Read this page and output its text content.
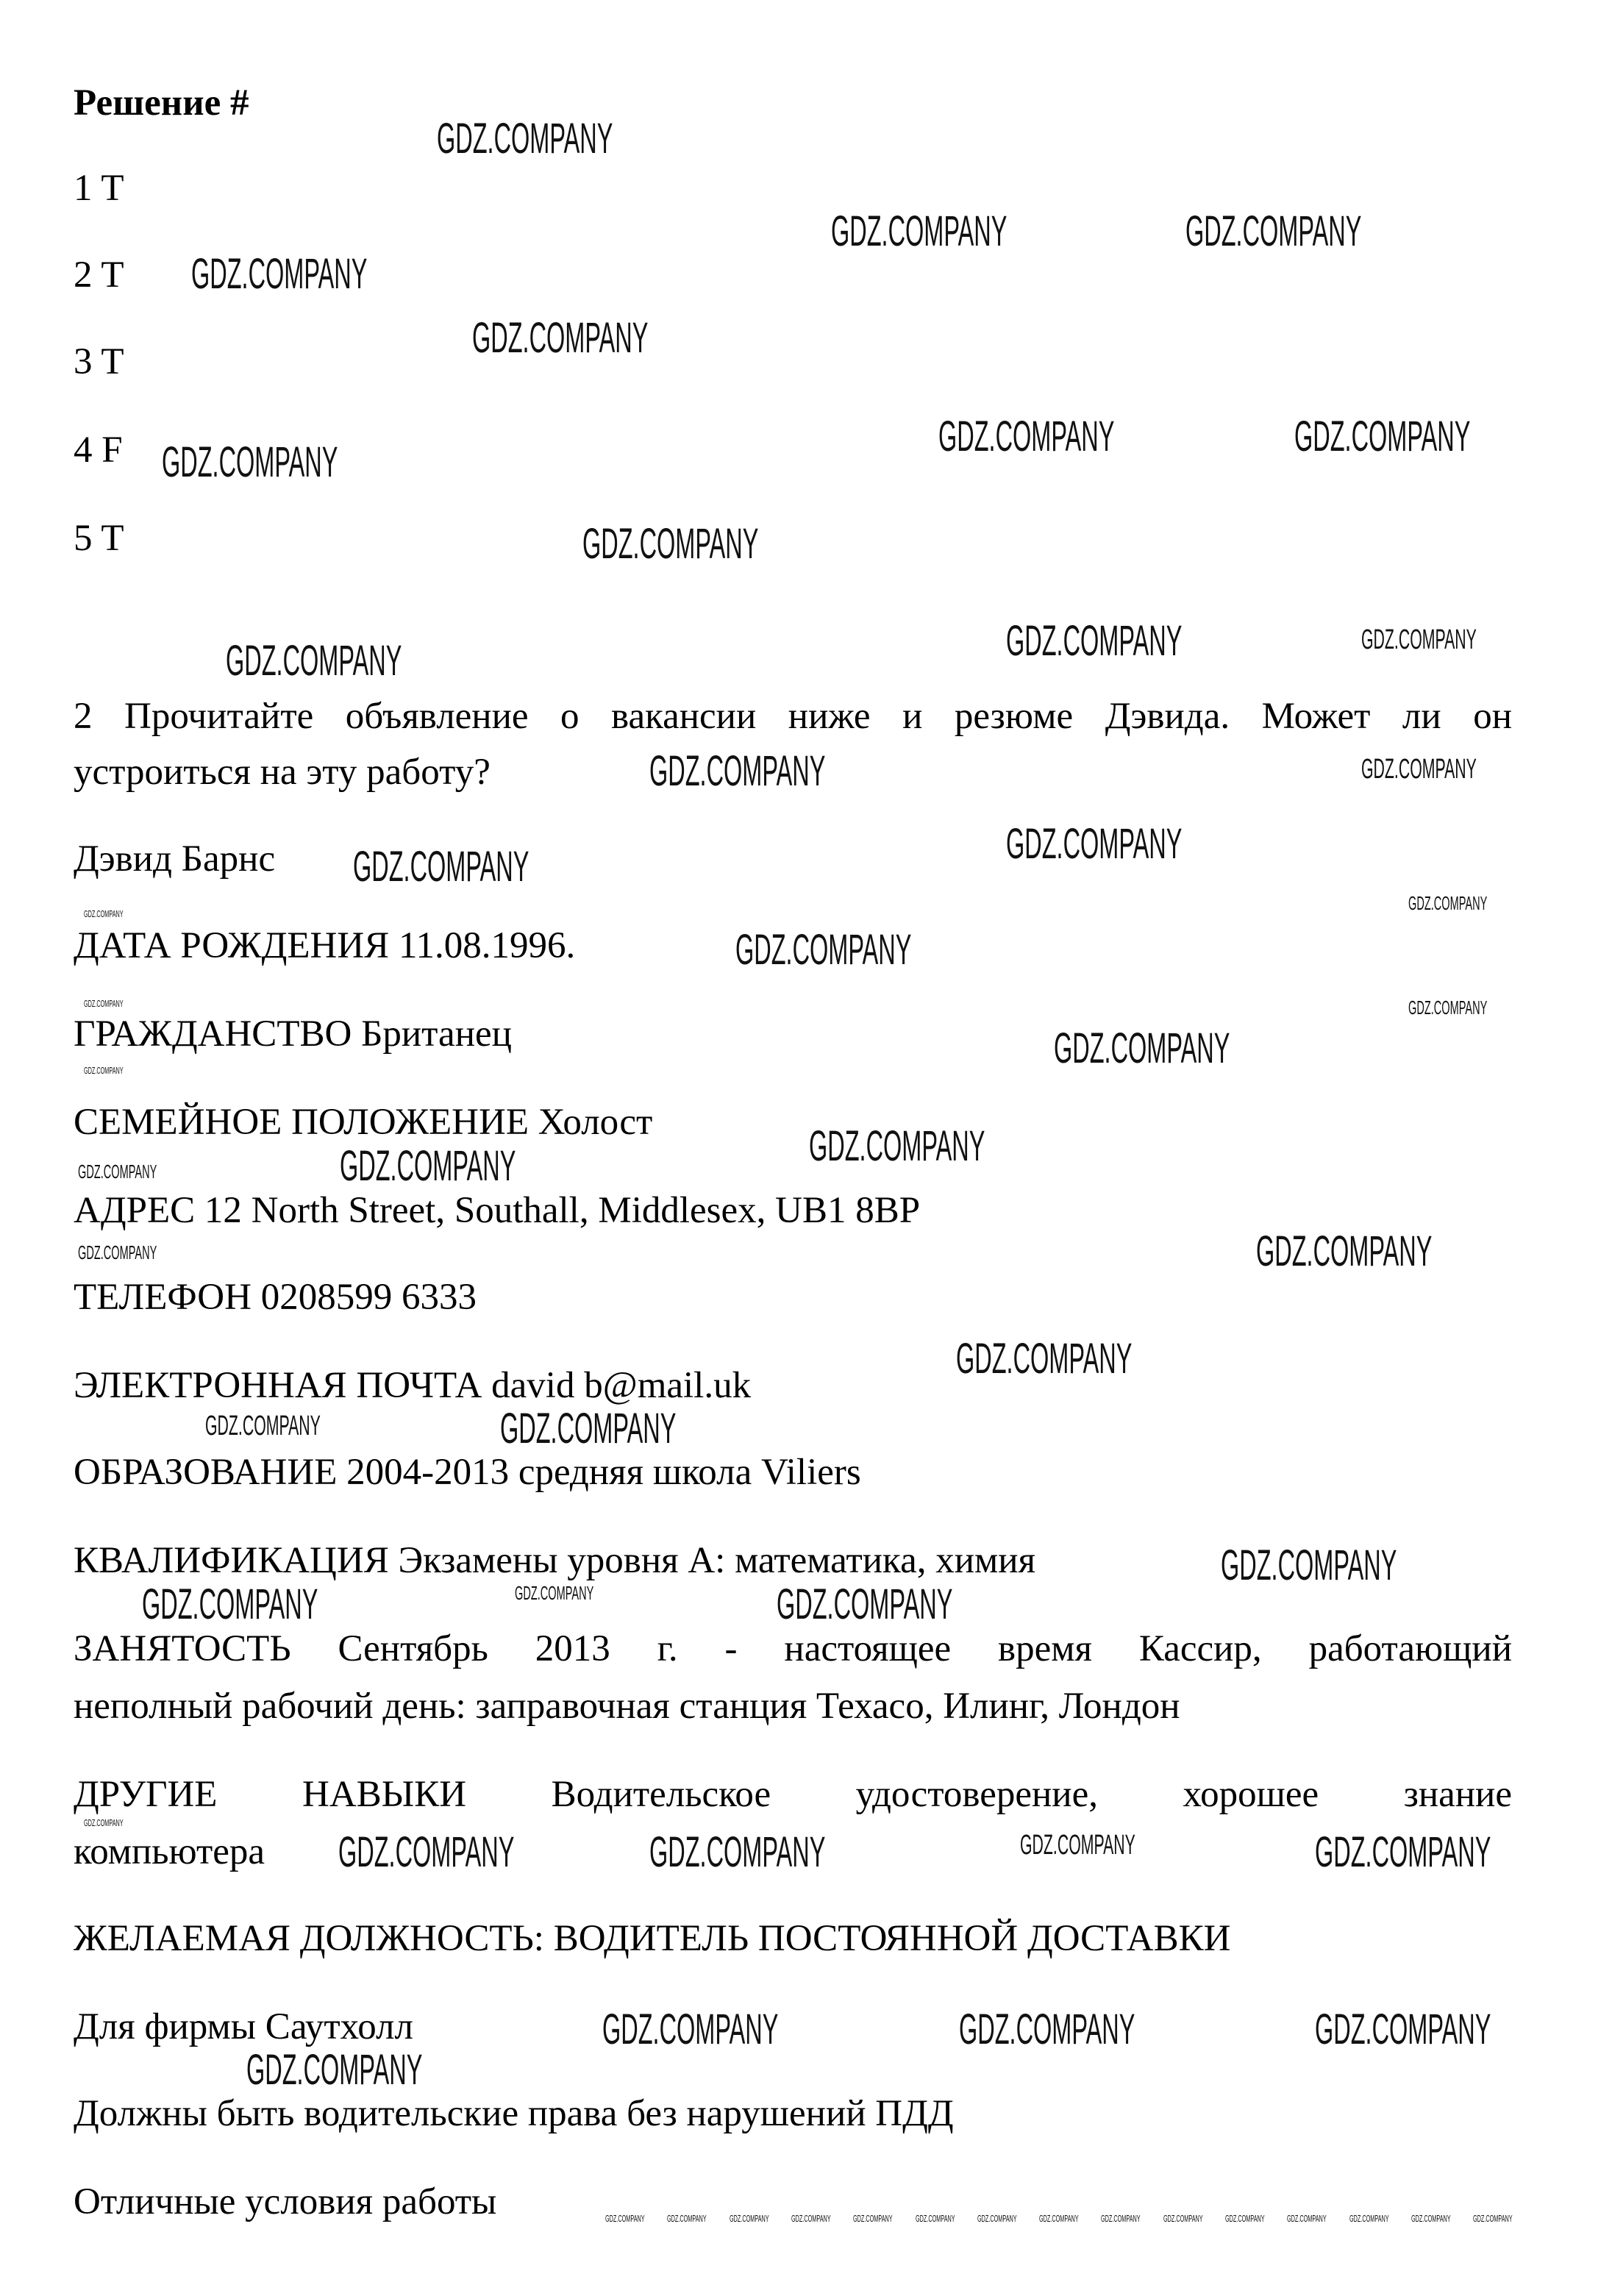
Решение #
1 T
2 T
3 T
4 F
5 T
2 Прочитайте объявление о вакансии ниже и резюме Дэвида. Может ли он
устроиться на эту работу?
Дэвид Барнс
ДАТА РОЖДЕНИЯ 11.08.1996.
ГРАЖДАНСТВО Британец
СЕМЕЙНОЕ ПОЛОЖЕНИЕ Холост
АДРЕС 12 North Street, Southall, Middlesex, UB1 8BP
ТЕЛЕФОН 0208599 6333
ЭЛЕКТРОННАЯ ПОЧТА david b@mail.uk
ОБРАЗОВАНИЕ 2004-2013 средняя школа Viliers
КВАЛИФИКАЦИЯ Экзамены уровня А: математика, химия
ЗАНЯТОСТЬ Сентябрь 2013 г. - настоящее время Кассир, работающий
неполный рабочий день: заправочная станция Техасо, Илинг, Лондон
ДРУГИЕ НАВЫКИ Водительское удостоверение, хорошее знание
компьютера
ЖЕЛАЕМАЯ ДОЛЖНОСТЬ: ВОДИТЕЛЬ ПОСТОЯННОЙ ДОСТАВКИ
Для фирмы Саутхолл
Должны быть водительские права без нарушений ПДД
Отличные условия работы
GDZ.COMPANY
GDZ.COMPANY	GDZ.COMPANY
GDZ.COMPANY
GDZ.COMPANY
GDZ.COMPANY	GDZ.COMPANY
GDZ.COMPANY
GDZ.COMPANY
GDZ.COMPANY
GDZ.COMPANY
GDZ.COMPANY
GDZ.COMPANY
GDZ.COMPANY
GDZ.COMPANY
GDZ.COMPANY
GDZ.COMPANY
GDZ.COMPANY
GDZ.COMPANY
GDZ.COMPANY
GDZ.COMPANY
GDZ.COMPANY	GDZ.COMPANY
GDZ.COMPANY
GDZ.COMPANY	GDZ.COMPANY	GDZ.COMPANY
GDZ.COMPANY	GDZ.COMPANY	GDZ.COMPANY
GDZ.COMPANY
GDZ.COMPANY
GDZ.COMPANY
GDZ.COMPANY
GDZ.COMPANY
GDZ.COMPANY
GDZ.COMPANY
GDZ.COMPANY
GDZ.COMPANY
GDZ.COMPANY
GDZ.COMPANY
GDZ.COMPANY
GDZ.COMPANY
GDZ.COMPANY
GDZ.COMPANY GDZ.COMPANY GDZ.COMPANY GDZ.COMPANY GDZ.COMPANY GDZ.COMPANY GDZ.COMPANY GDZ.COMPANY GDZ.COMPANY GDZ.COMPANY GDZ.COMPANY GDZ.COMPANY GDZ.COMPANY GDZ.COMPANY GDZ.COMPANY
